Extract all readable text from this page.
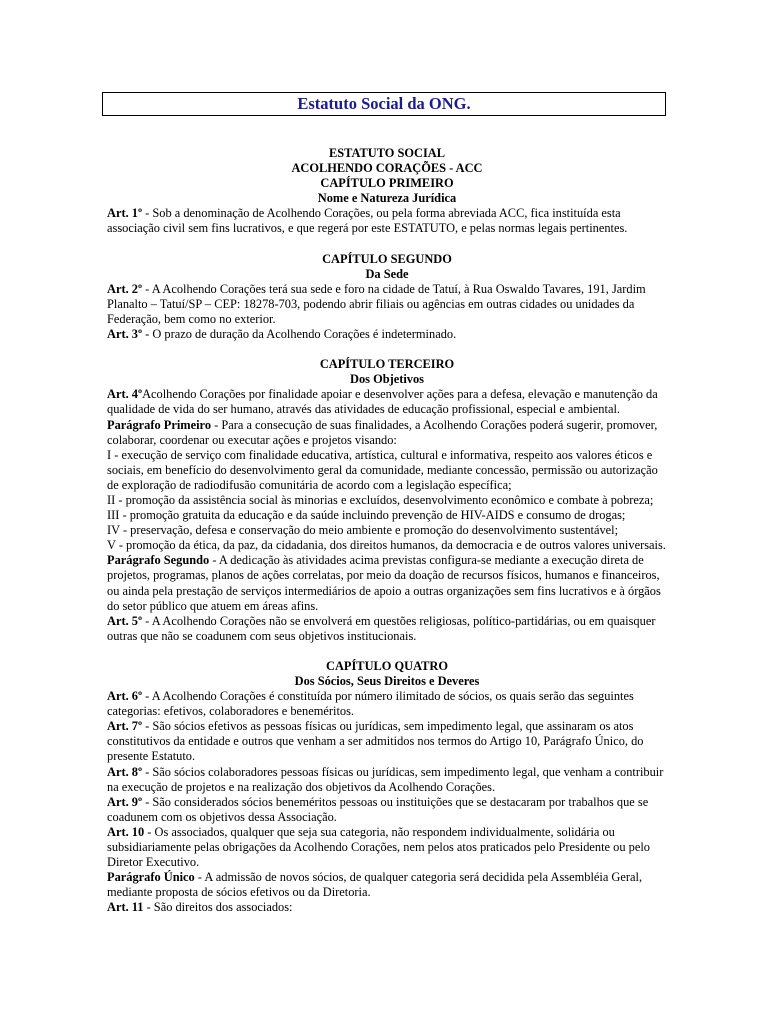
Estatuto Social da ONG.
ESTATUTO SOCIAL
ACOLHENDO CORAÇÕES - ACC
CAPÍTULO PRIMEIRO
Nome e Natureza Jurídica

Art. 1º - Sob a denominação de Acolhendo Corações, ou pela forma abreviada ACC, fica instituída esta associação civil sem fins lucrativos, e que regerá por este ESTATUTO, e pelas normas legais pertinentes.

CAPÍTULO SEGUNDO
Da Sede

Art. 2º - A Acolhendo Corações terá sua sede e foro na cidade de Tatuí, à Rua Oswaldo Tavares, 191, Jardim Planalto – Tatuí/SP – CEP: 18278-703, podendo abrir filiais ou agências em outras cidades ou unidades da Federação, bem como no exterior.

Art. 3º - O prazo de duração da Acolhendo Corações é indeterminado.

CAPÍTULO TERCEIRO
Dos Objetivos

Art. 4ºAcolhendo Corações por finalidade apoiar e desenvolver ações para a defesa, elevação e manutenção da qualidade de vida do ser humano, através das atividades de educação profissional, especial e ambiental.

Parágrafo Primeiro - Para a consecução de suas finalidades, a Acolhendo Corações poderá sugerir, promover, colaborar, coordenar ou executar ações e projetos visando:

I - execução de serviço com finalidade educativa, artística, cultural e informativa, respeito aos valores éticos e sociais, em benefício do desenvolvimento geral da comunidade, mediante concessão, permissão ou autorização de exploração de radiodifusão comunitária de acordo com a legislação específica;

II - promoção da assistência social às minorias e excluídos, desenvolvimento econômico e combate à pobreza;

III - promoção gratuita da educação e da saúde incluindo prevenção de HIV-AIDS e consumo de drogas;

IV - preservação, defesa e conservação do meio ambiente e promoção do desenvolvimento sustentável;

V - promoção da ética, da paz, da cidadania, dos direitos humanos, da democracia e de outros valores universais.

Parágrafo Segundo - A dedicação às atividades acima previstas configura-se mediante a execução direta de projetos, programas, planos de ações correlatas, por meio da doação de recursos físicos, humanos e financeiros, ou ainda pela prestação de serviços intermediários de apoio a outras organizações sem fins lucrativos e à órgãos do setor público que atuem em áreas afins.

Art. 5º - A Acolhendo Corações não se envolverá em questões religiosas, político-partidárias, ou em quaisquer outras que não se coadunem com seus objetivos institucionais.

CAPÍTULO QUATRO
Dos Sócios, Seus Direitos e Deveres

Art. 6º - A Acolhendo Corações é constituída por número ilimitado de sócios, os quais serão das seguintes categorias: efetivos, colaboradores e beneméritos.

Art. 7º - São sócios efetivos as pessoas físicas ou jurídicas, sem impedimento legal, que assinaram os atos constitutivos da entidade e outros que venham a ser admitidos nos termos do Artigo 10, Parágrafo Único, do presente Estatuto.

Art. 8º - São sócios colaboradores pessoas físicas ou jurídicas, sem impedimento legal, que venham a contribuir na execução de projetos e na realização dos objetivos da Acolhendo Corações.

Art. 9º - São considerados sócios beneméritos pessoas ou instituições que se destacaram por trabalhos que se coadunem com os objetivos dessa Associação.

Art. 10 - Os associados, qualquer que seja sua categoria, não respondem individualmente, solidária ou subsidiariamente pelas obrigações da Acolhendo Corações, nem pelos atos praticados pelo Presidente ou pelo Diretor Executivo.

Parágrafo Único - A admissão de novos sócios, de qualquer categoria será decidida pela Assembléia Geral, mediante proposta de sócios efetivos ou da Diretoria.

Art. 11 - São direitos dos associados:
